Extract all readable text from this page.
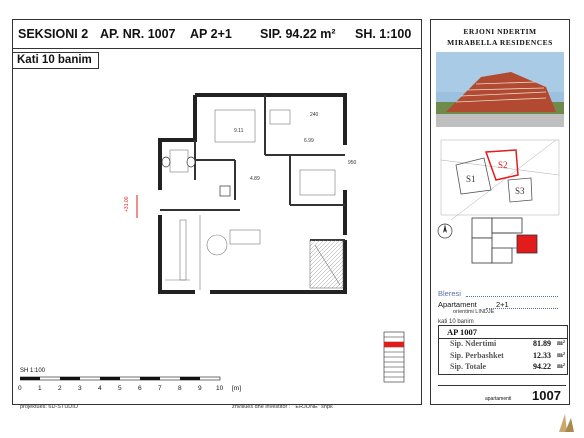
SEKSIONI 2 AP. NR. 1007 AP 2+1 SIP. 94.22 m² SH. 1:100
Kati 10 banim
9.11
6.99
4.89
240
950
+31.00
SH 1:100
0	1	2	3	4	5	6	7	8	9 10 [m]
projektues: 6D-STUDIO	zhvillues dhe investitor : " ERJONE" shpk
ERJONI NDERTIM
MIRABELLA RESIDENCES
S1
S2
S3
Bleresi
Apartament	2+1
orientimi LINDJE
kati 10 banim
AP 1007
Sip. Ndertimi	81.89 m²
Sip. Perbashket	12.33 m²
Sip. Totale	94.22 m²
apartamenti 1007
